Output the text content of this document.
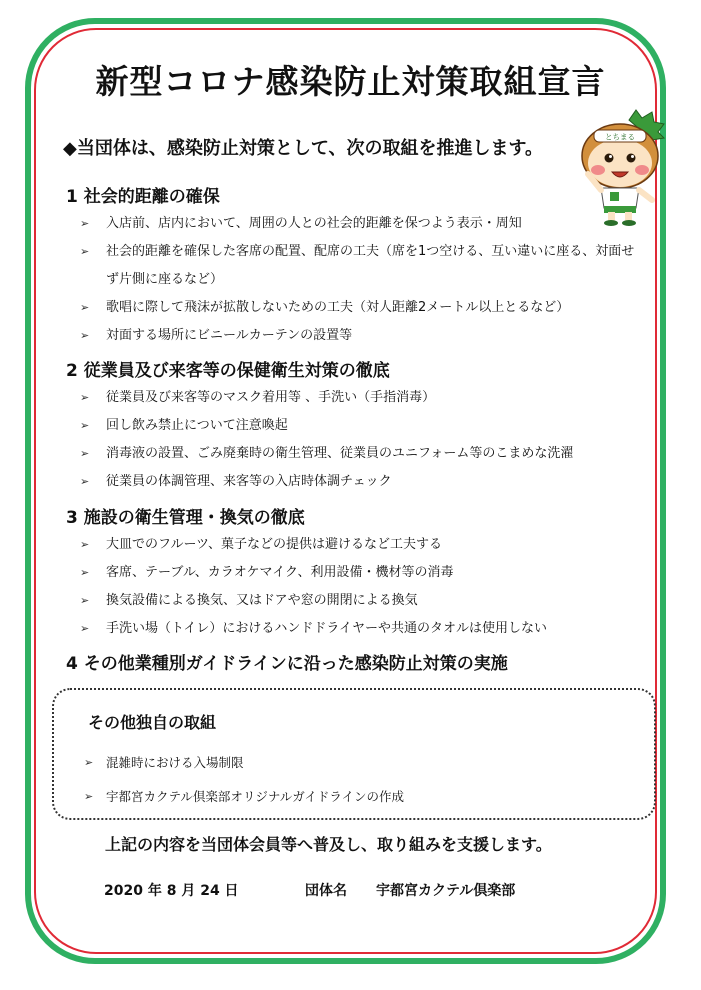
新型コロナ感染防止対策取組宣言
とちまる

◆当団体は、感染防止対策として、次の取組を推進します。

1 社会的距離の確保
➢ 入店前、店内において、周囲の人との社会的距離を保つよう表示・周知
➢ 社会的距離を確保した客席の配置、配席の工夫（席を1つ空ける、互い違いに座る、対面せず片側に座るなど）
➢ 歌唱に際して飛沫が拡散しないための工夫（対人距離2メートル以上とるなど）
➢ 対面する場所にビニールカーテンの設置等
2 従業員及び来客等の保健衛生対策の徹底
➢ 従業員及び来客等のマスク着用等 、手洗い（手指消毒）
➢ 回し飲み禁止について注意喚起
➢ 消毒液の設置、ごみ廃棄時の衛生管理、従業員のユニフォーム等のこまめな洗濯
➢ 従業員の体調管理、来客等の入店時体調チェック
3 施設の衛生管理・換気の徹底
➢ 大皿でのフルーツ、菓子などの提供は避けるなど工夫する
➢ 客席、テーブル、カラオケマイク、利用設備・機材等の消毒
➢ 換気設備による換気、又はドアや窓の開閉による換気
➢ 手洗い場（トイレ）におけるハンドドライヤーや共通のタオルは使用しない
4 その他業種別ガイドラインに沿った感染防止対策の実施
その他独自の取組
➢ 混雑時における入場制限
➢ 宇都宮カクテル倶楽部オリジナルガイドラインの作成

上記の内容を当団体会員等へ普及し、取り組みを支援します。

2020 年 8 月 24 日	団体名 宇都宮カクテル倶楽部
